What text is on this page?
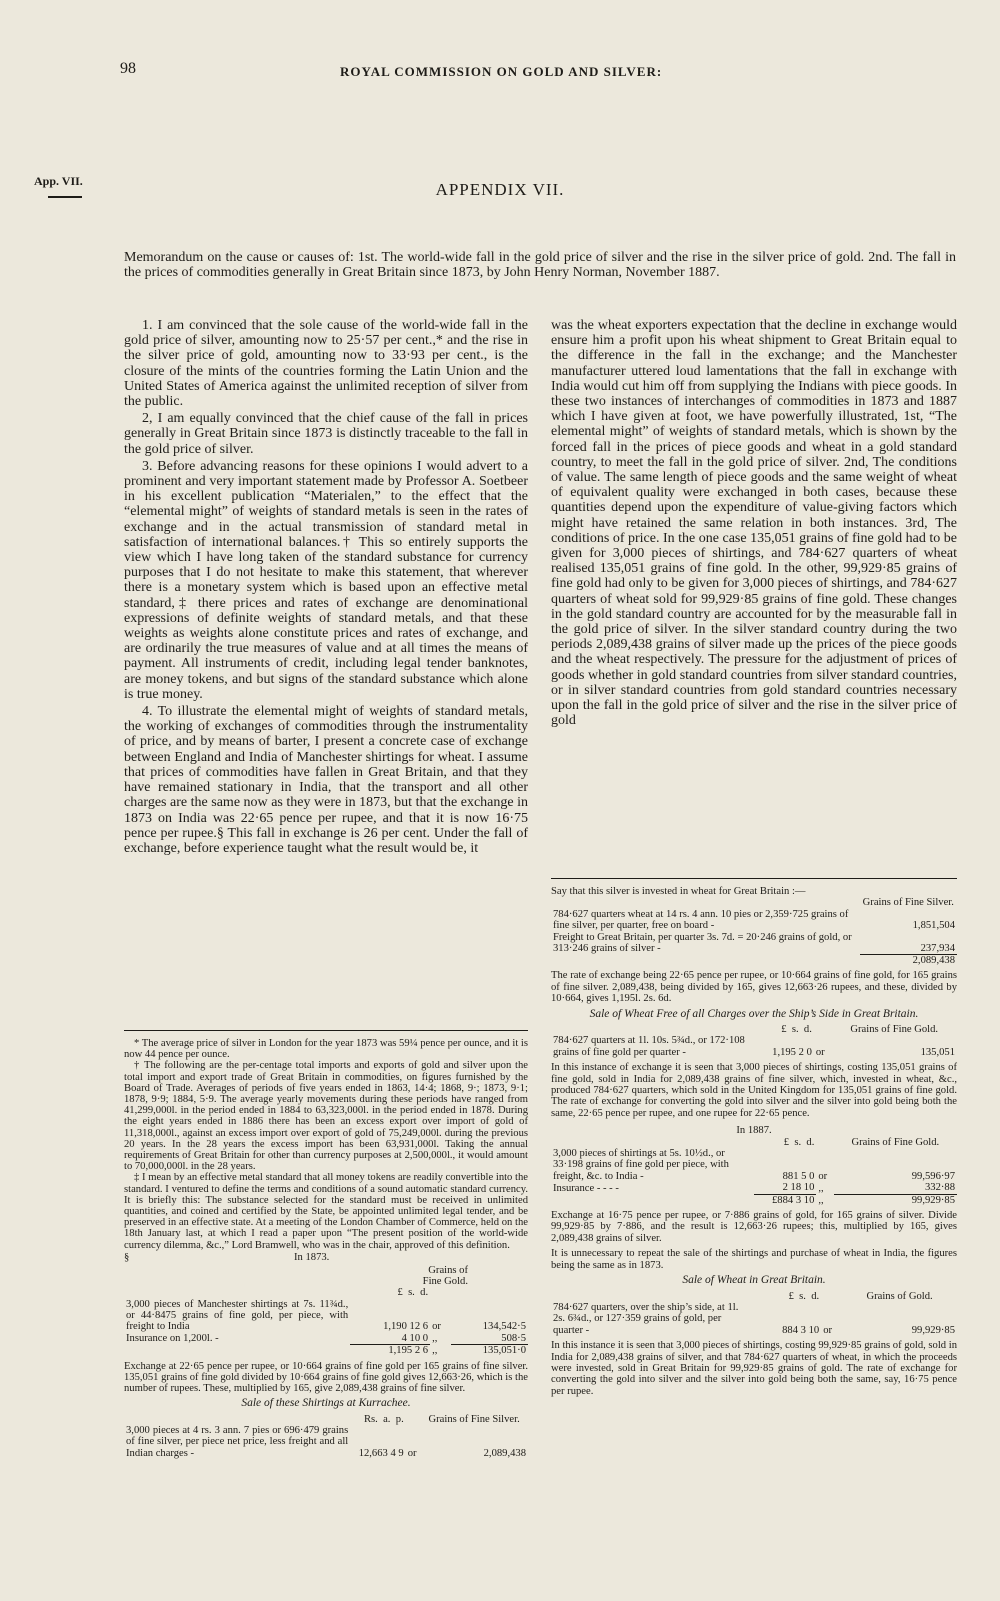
98	ROYAL COMMISSION ON GOLD AND SILVER:
App. VII.	APPENDIX VII.
Memorandum on the cause or causes of: 1st. The world-wide fall in the gold price of silver and the rise in the silver price of gold. 2nd. The fall in the prices of commodities generally in Great Britain since 1873, by John Henry Norman, November 1887.

1. I am convinced that the sole cause of the world-wide fall in the gold price of silver, amounting now to 25·57 per cent.,* and the rise in the silver price of gold, amounting now to 33·93 per cent., is the closure of the mints of the countries forming the Latin Union and the United States of America against the unlimited reception of silver from the public.

2, I am equally convinced that the chief cause of the fall in prices generally in Great Britain since 1873 is distinctly traceable to the fall in the gold price of silver.

3. Before advancing reasons for these opinions I would advert to a prominent and very important statement made by Professor A. Soetbeer in his excellent publication “Materialen,” to the effect that the “elemental might” of weights of standard metals is seen in the rates of exchange and in the actual transmission of standard metal in satisfaction of international balances.† This so entirely supports the view which I have long taken of the standard substance for currency purposes that I do not hesitate to make this statement, that wherever there is a monetary system which is based upon an effective metal standard,‡ there prices and rates of exchange are denominational expressions of definite weights of standard metals, and that these weights as weights alone constitute prices and rates of exchange, and are ordinarily the true measures of value and at all times the means of payment. All instruments of credit, including legal tender banknotes, are money tokens, and but signs of the standard substance which alone is true money.

4. To illustrate the elemental might of weights of standard metals, the working of exchanges of commodities through the instrumentality of price, and by means of barter, I present a concrete case of exchange between England and India of Manchester shirtings for wheat. I assume that prices of commodities have fallen in Great Britain, and that they have remained stationary in India, that the transport and all other charges are the same now as they were in 1873, but that the exchange in 1873 on India was 22·65 pence per rupee, and that it is now 16·75 pence per rupee.§ This fall in exchange is 26 per cent. Under the fall of exchange, before experience taught what the result would be, it

was the wheat exporters expectation that the decline in exchange would ensure him a profit upon his wheat shipment to Great Britain equal to the difference in the fall in the exchange; and the Manchester manufacturer uttered loud lamentations that the fall in exchange with India would cut him off from supplying the Indians with piece goods. In these two instances of interchanges of commodities in 1873 and 1887 which I have given at foot, we have powerfully illustrated, 1st, “The elemental might” of weights of standard metals, which is shown by the forced fall in the prices of piece goods and wheat in a gold standard country, to meet the fall in the gold price of silver. 2nd, The conditions of value. The same length of piece goods and the same weight of wheat of equivalent quality were exchanged in both cases, because these quantities depend upon the expenditure of value-giving factors which might have retained the same relation in both instances. 3rd, The conditions of price. In the one case 135,051 grains of fine gold had to be given for 3,000 pieces of shirtings, and 784·627 quarters of wheat realised 135,051 grains of fine gold. In the other, 99,929·85 grains of fine gold had only to be given for 3,000 pieces of shirtings, and 784·627 quarters of wheat sold for 99,929·85 grains of fine gold. These changes in the gold standard country are accounted for by the measurable fall in the gold price of silver. In the silver standard country during the two periods 2,089,438 grains of silver made up the prices of the piece goods and the wheat respectively. The pressure for the adjustment of prices of goods whether in gold standard countries from silver standard countries, or in silver standard countries from gold standard countries necessary upon the fall in the gold price of silver and the rise in the silver price of gold

* The average price of silver in London for the year 1873 was 59¼ pence per ounce, and it is now 44 pence per ounce.

† The following are the per-centage total imports and exports of gold and silver upon the total import and export trade of Great Britain in commodities, on figures furnished by the Board of Trade. Averages of periods of five years ended in 1863, 14·4; 1868, 9·; 1873, 9·1; 1878, 9·9; 1884, 5·9. The average yearly movements during these periods have ranged from 41,299,000l. in the period ended in 1884 to 63,323,000l. in the period ended in 1878. During the eight years ended in 1886 there has been an excess export over import of gold of 11,318,000l., against an excess import over export of gold of 75,249,000l. during the previous 20 years. In the 28 years the excess import has been 63,931,000l. Taking the annual requirements of Great Britain for other than currency purposes at 2,500,000l., it would amount to 70,000,000l. in the 28 years.

‡ I mean by an effective metal standard that all money tokens are readily convertible into the standard. I ventured to define the terms and conditions of a sound automatic standard currency. It is briefly this: The substance selected for the standard must be received in unlimited quantities, and coined and certified by the State, be appointed unlimited legal tender, and be preserved in an effective state. At a meeting of the London Chamber of Commerce, held on the 18th January last, at which I read a paper upon “The present position of the world-wide currency dilemma, &c.,” Lord Bramwell, who was in the chair, approved of this definition.

§	In 1873.
Grains of Fine Gold.
	£ s. d.		
3,000 pieces of Manchester shirtings at 7s. 11¾d., or 44·8475 grains of fine gold, per piece, with freight to India	1,190 12 6	or	134,542·5
Insurance on 1,200l. -	4 10 0	,,	508·5
	1,195 2 6	,,	135,051·0
Exchange at 22·65 pence per rupee, or 10·664 grains of fine gold per 165 grains of fine silver. 135,051 grains of fine gold divided by 10·664 grains of fine gold gives 12,663·26, which is the number of rupees. These, multiplied by 165, give 2,089,438 grains of fine silver.
Sale of these Shirtings at Kurrachee.
	Rs. a. p.		Grains of Fine Silver.
3,000 pieces at 4 rs. 3 ann. 7 pies or 696·479 grains of fine silver, per piece net price, less freight and all Indian charges -	12,663 4 9	or	2,089,438
Say that this silver is invested in wheat for Great Britain :—
	Grains of Fine Silver.
784·627 quarters wheat at 14 rs. 4 ann. 10 pies or 2,359·725 grains of fine silver, per quarter, free on board -	1,851,504
Freight to Great Britain, per quarter 3s. 7d. = 20·246 grains of gold, or 313·246 grains of silver -	237,934
	2,089,438
The rate of exchange being 22·65 pence per rupee, or 10·664 grains of fine gold, for 165 grains of fine silver. 2,089,438, being divided by 165, gives 12,663·26 rupees, and these, divided by 10·664, gives 1,195l. 2s. 6d.
Sale of Wheat Free of all Charges over the Ship’s Side in Great Britain.
	£ s. d.		Grains of Fine Gold.
784·627 quarters at 1l. 10s. 5¾d., or 172·108 grains of fine gold per quarter -	1,195 2 0	or	135,051
In this instance of exchange it is seen that 3,000 pieces of shirtings, costing 135,051 grains of fine gold, sold in India for 2,089,438 grains of fine silver, which, invested in wheat, &c., produced 784·627 quarters, which sold in the United Kingdom for 135,051 grains of fine gold. The rate of exchange for converting the gold into silver and the silver into gold being both the same, 22·65 pence per rupee, and one rupee for 22·65 pence.
In 1887.
	£ s. d.		Grains of Fine Gold.
3,000 pieces of shirtings at 5s. 10½d., or 33·198 grains of fine gold per piece, with freight, &c. to India -	881 5 0	or	99,596·97
Insurance - - - -	2 18 10	,,	332·88
	£884 3 10	,,	99,929·85
Exchange at 16·75 pence per rupee, or 7·886 grains of gold, for 165 grains of silver. Divide 99,929·85 by 7·886, and the result is 12,663·26 rupees; this, multiplied by 165, gives 2,089,438 grains of silver.
It is unnecessary to repeat the sale of the shirtings and purchase of wheat in India, the figures being the same as in 1873.
Sale of Wheat in Great Britain.
	£ s. d.		Grains of Gold.
784·627 quarters, over the ship’s side, at 1l. 2s. 6¾d., or 127·359 grains of gold, per quarter -	884 3 10	or	99,929·85
In this instance it is seen that 3,000 pieces of shirtings, costing 99,929·85 grains of gold, sold in India for 2,089,438 grains of silver, and that 784·627 quarters of wheat, in which the proceeds were invested, sold in Great Britain for 99,929·85 grains of gold. The rate of exchange for converting the gold into silver and the silver into gold being both the same, say, 16·75 pence per rupee.
